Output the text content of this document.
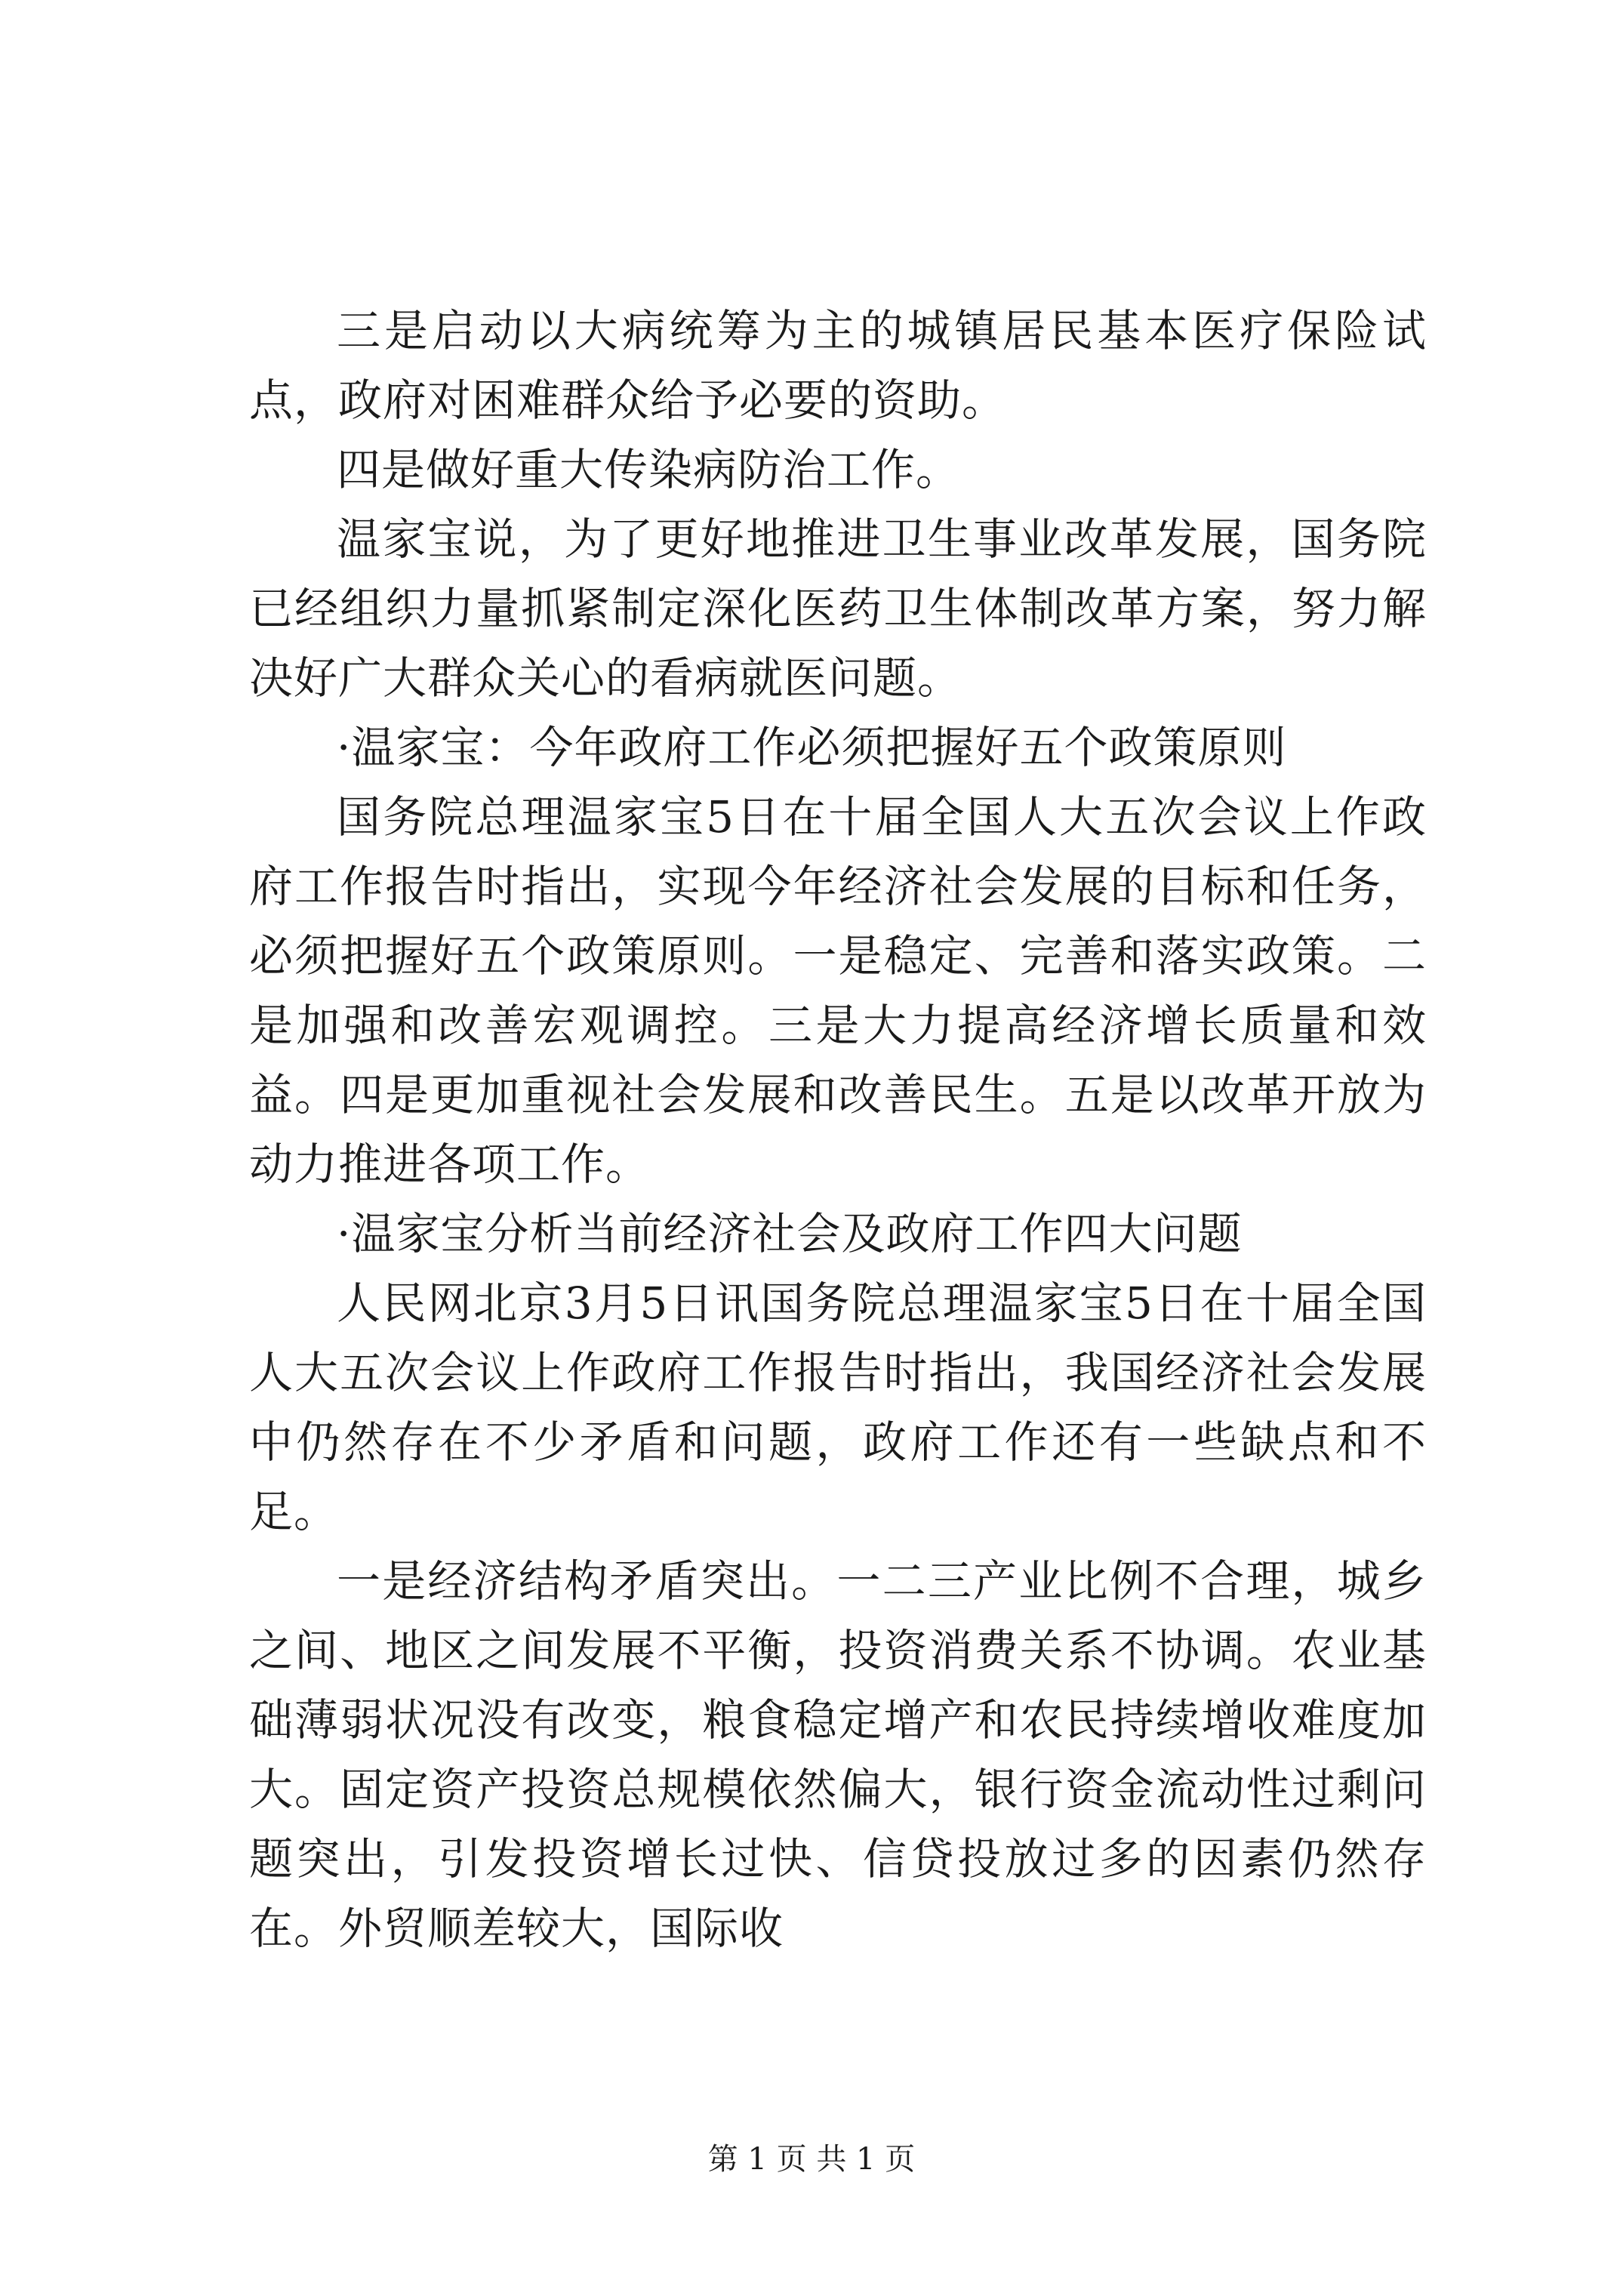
三是启动以大病统筹为主的城镇居民基本医疗保险试点，政府对困难群众给予必要的资助。

四是做好重大传染病防治工作。

温家宝说，为了更好地推进卫生事业改革发展，国务院已经组织力量抓紧制定深化医药卫生体制改革方案，努力解决好广大群众关心的看病就医问题。

·温家宝：今年政府工作必须把握好五个政策原则

国务院总理温家宝5日在十届全国人大五次会议上作政府工作报告时指出，实现今年经济社会发展的目标和任务，必须把握好五个政策原则。一是稳定、完善和落实政策。二是加强和改善宏观调控。三是大力提高经济增长质量和效益。四是更加重视社会发展和改善民生。五是以改革开放为动力推进各项工作。

·温家宝分析当前经济社会及政府工作四大问题

人民网北京3月5日讯国务院总理温家宝5日在十届全国人大五次会议上作政府工作报告时指出，我国经济社会发展中仍然存在不少矛盾和问题，政府工作还有一些缺点和不足。

一是经济结构矛盾突出。一二三产业比例不合理，城乡之间、地区之间发展不平衡，投资消费关系不协调。农业基础薄弱状况没有改变，粮食稳定增产和农民持续增收难度加大。固定资产投资总规模依然偏大，银行资金流动性过剩问题突出，引发投资增长过快、信贷投放过多的因素仍然存在。外贸顺差较大，国际收

第 1 页 共 1 页
